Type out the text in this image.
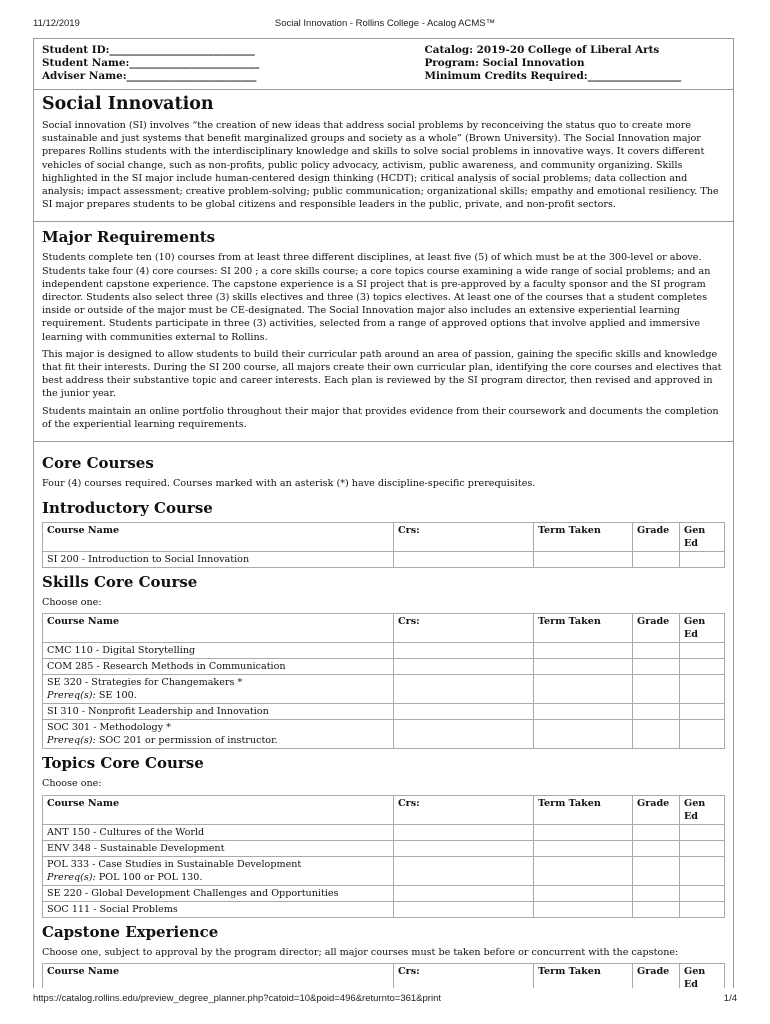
11/12/2019	Social Innovation - Rollins College - Acalog ACMS™
Student ID:____________________________
Student Name:_________________________
Adviser Name:_________________________
Catalog: 2019-20 College of Liberal Arts
Program: Social Innovation
Minimum Credits Required:__________________
Social Innovation

Social innovation (SI) involves “the creation of new ideas that address social problems by reconceiving the status quo to create more sustainable and just systems that benefit marginalized groups and society as a whole” (Brown University). The Social Innovation major prepares Rollins students with the interdisciplinary knowledge and skills to solve social problems in innovative ways. It covers different vehicles of social change, such as non-profits, public policy advocacy, activism, public awareness, and community organizing. Skills highlighted in the SI major include human-centered design thinking (HCDT); critical analysis of social problems; data collection and analysis; impact assessment; creative problem-solving; public communication; organizational skills; empathy and emotional resiliency. The SI major prepares students to be global citizens and responsible leaders in the public, private, and non-profit sectors.

Major Requirements

Students complete ten (10) courses from at least three different disciplines, at least five (5) of which must be at the 300-level or above. Students take four (4) core courses: SI 200 ; a core skills course; a core topics course examining a wide range of social problems; and an independent capstone experience. The capstone experience is a SI project that is pre-approved by a faculty sponsor and the SI program director. Students also select three (3) skills electives and three (3) topics electives. At least one of the courses that a student completes inside or outside of the major must be CE-designated. The Social Innovation major also includes an extensive experiential learning requirement. Students participate in three (3) activities, selected from a range of approved options that involve applied and immersive learning with communities external to Rollins.

This major is designed to allow students to build their curricular path around an area of passion, gaining the specific skills and knowledge that fit their interests. During the SI 200 course, all majors create their own curricular plan, identifying the core courses and electives that best address their substantive topic and career interests. Each plan is reviewed by the SI program director, then revised and approved in the junior year.

Students maintain an online portfolio throughout their major that provides evidence from their coursework and documents the completion of the experiential learning requirements.

Core Courses

Four (4) courses required. Courses marked with an asterisk (*) have discipline-specific prerequisites.

Introductory Course
Course Name	Crs:	Term Taken	Grade	Gen Ed
SI 200 - Introduction to Social Innovation				
Skills Core Course

Choose one:

Course Name	Crs:	Term Taken	Grade	Gen Ed
CMC 110 - Digital Storytelling				
COM 285 - Research Methods in Communication				

SE 320 - Strategies for Changemakers *
Prereq(s): SE 100.				

SI 310 - Nonprofit Leadership and Innovation				

SOC 301 - Methodology *
Prereq(s): SOC 201 or permission of instructor.				

Topics Core Course

Choose one:

Course Name	Crs:	Term Taken	Grade	Gen Ed
ANT 150 - Cultures of the World				
ENV 348 - Sustainable Development				

POL 333 - Case Studies in Sustainable Development
Prereq(s): POL 100 or POL 130.				

SE 220 - Global Development Challenges and Opportunities				
SOC 111 - Social Problems				
Capstone Experience

Choose one, subject to approval by the program director; all major courses must be taken before or concurrent with the capstone:

Course Name	Crs:	Term Taken	Grade	Gen Ed

https://catalog.rollins.edu/preview_degree_planner.php?catoid=10&poid=496&returnto=361&print	1/4
